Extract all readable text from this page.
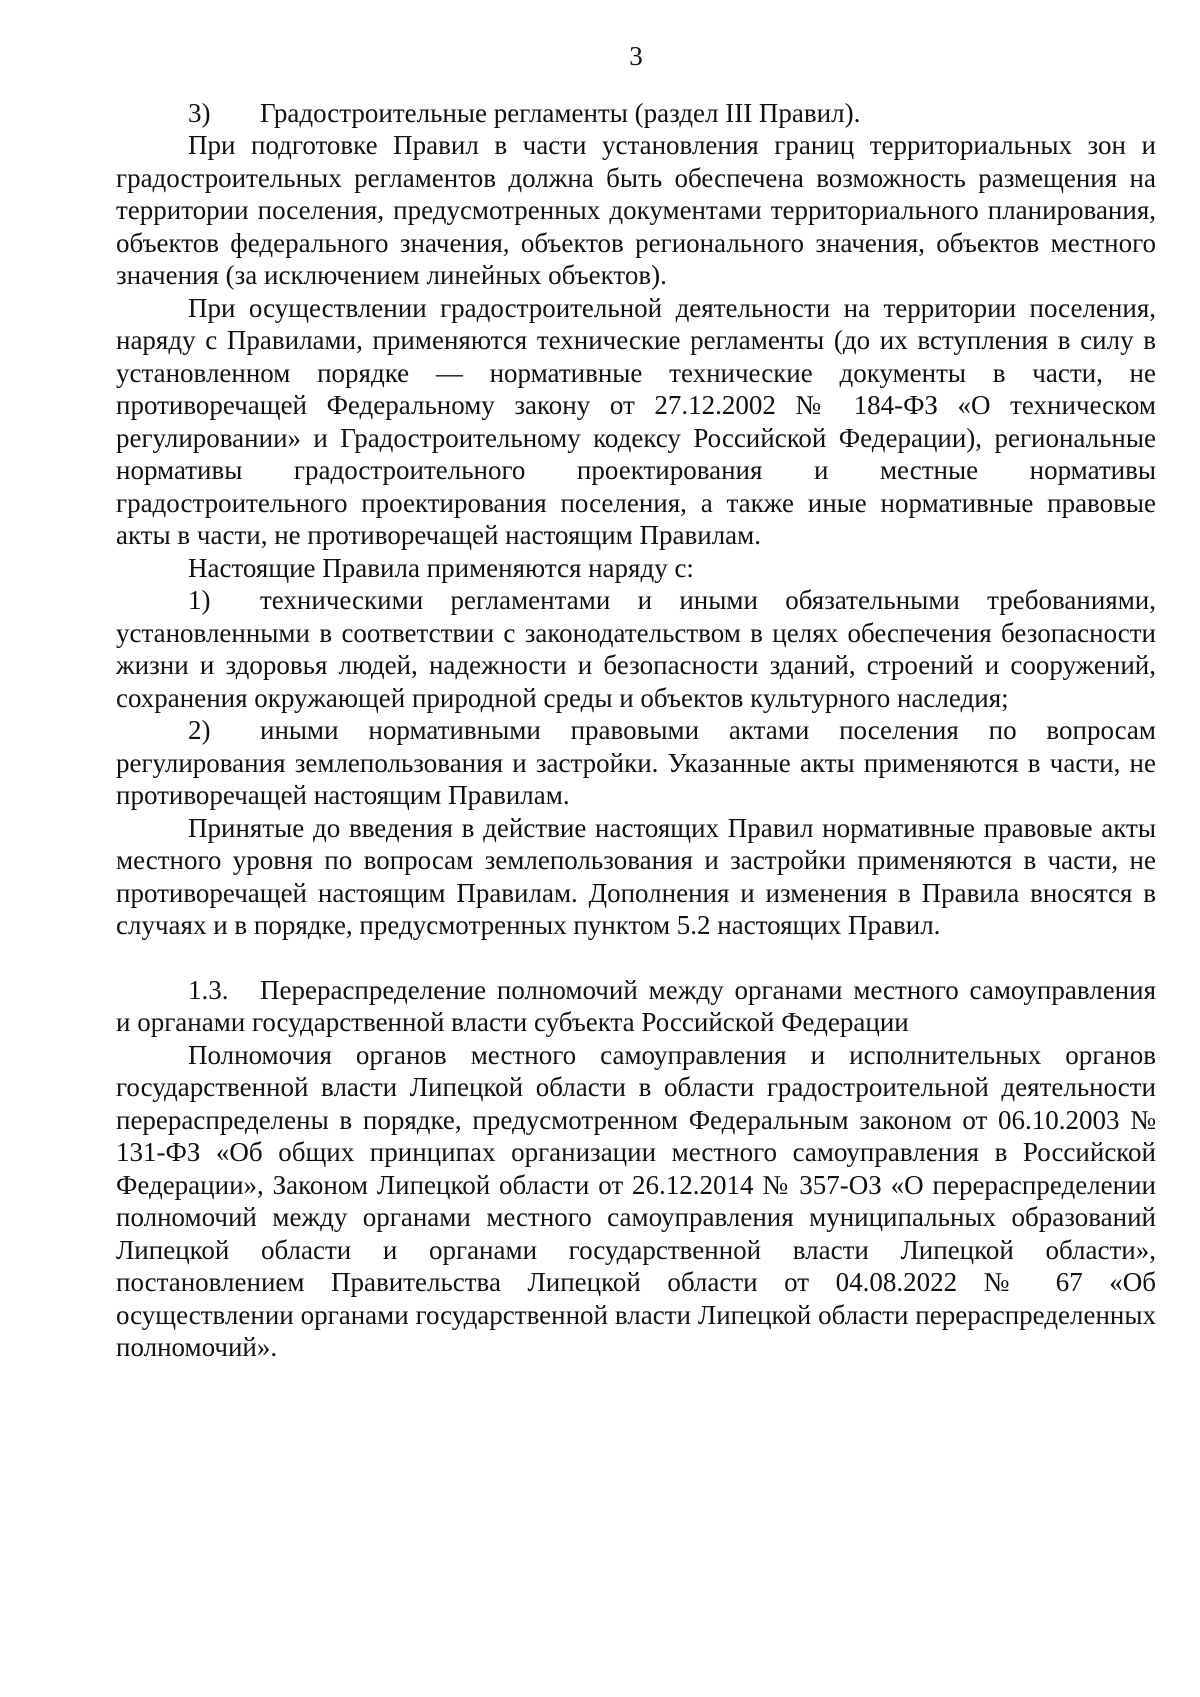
3

3) Градостроительные регламенты (раздел III Правил).

При подготовке Правил в части установления границ территориальных зон и градостроительных регламентов должна быть обеспечена возможность размещения на территории поселения, предусмотренных документами территориального планирования, объектов федерального значения, объектов регионального значения, объектов местного значения (за исключением линейных объектов).

При осуществлении градостроительной деятельности на территории поселения, наряду с Правилами, применяются технические регламенты (до их вступления в силу в установленном порядке — нормативные технические документы в части, не противоречащей Федеральному закону от 27.12.2002 № 184-ФЗ «О техническом регулировании» и Градостроительному кодексу Российской Федерации), региональные нормативы градостроительного проектирования и местные нормативы градостроительного проектирования поселения, а также иные нормативные правовые акты в части, не противоречащей настоящим Правилам.

Настоящие Правила применяются наряду с:

1) техническими регламентами и иными обязательными требованиями, установленными в соответствии с законодательством в целях обеспечения безопасности жизни и здоровья людей, надежности и безопасности зданий, строений и сооружений, сохранения окружающей природной среды и объектов культурного наследия;

2) иными нормативными правовыми актами поселения по вопросам регулирования землепользования и застройки. Указанные акты применяются в части, не противоречащей настоящим Правилам.

Принятые до введения в действие настоящих Правил нормативные правовые акты местного уровня по вопросам землепользования и застройки применяются в части, не противоречащей настоящим Правилам. Дополнения и изменения в Правила вносятся в случаях и в порядке, предусмотренных пунктом 5.2 настоящих Правил.

1.3. Перераспределение полномочий между органами местного самоуправления и органами государственной власти субъекта Российской Федерации

Полномочия органов местного самоуправления и исполнительных органов государственной власти Липецкой области в области градостроительной деятельности перераспределены в порядке, предусмотренном Федеральным законом от 06.10.2003 № 131-ФЗ «Об общих принципах организации местного самоуправления в Российской Федерации», Законом Липецкой области от 26.12.2014 № 357-ОЗ «О перераспределении полномочий между органами местного самоуправления муниципальных образований Липецкой области и органами государственной власти Липецкой области», постановлением Правительства Липецкой области от 04.08.2022 № 67 «Об осуществлении органами государственной власти Липецкой области перераспределенных полномочий».
